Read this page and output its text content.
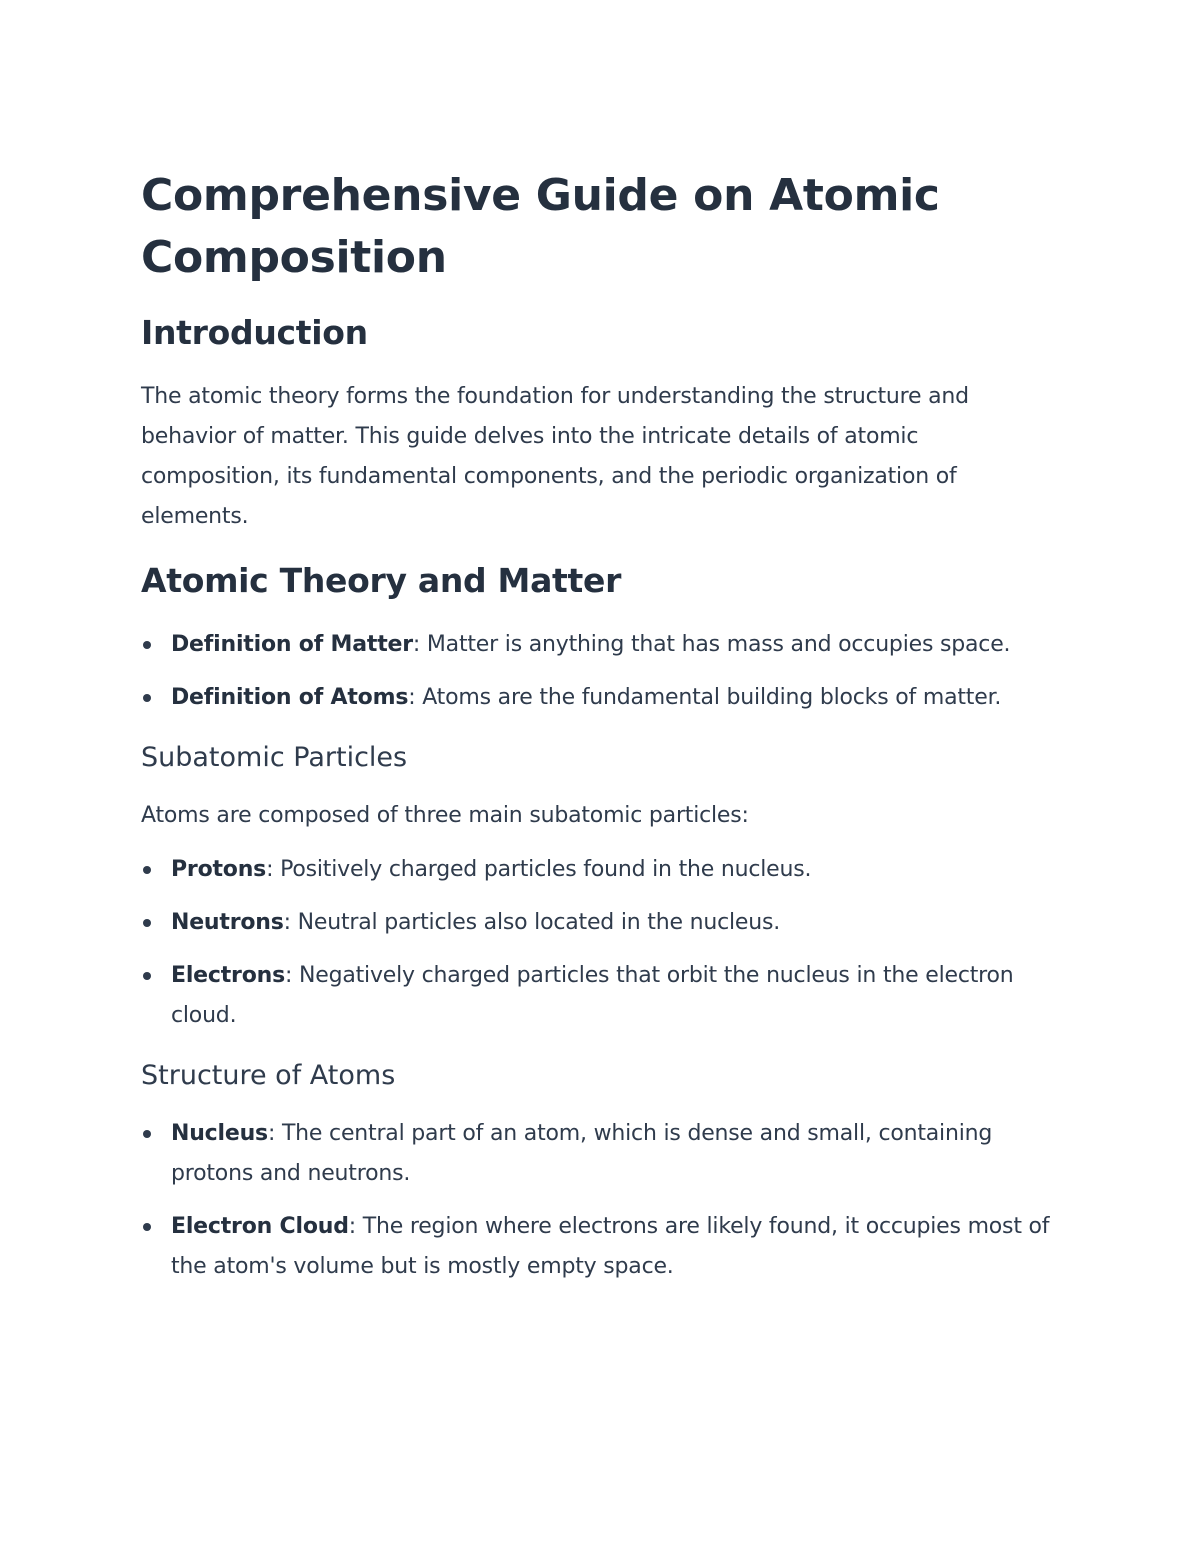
Comprehensive Guide on Atomic Composition
Introduction

The atomic theory forms the foundation for understanding the structure and behavior of matter. This guide delves into the intricate details of atomic composition, its fundamental components, and the periodic organization of elements.

Atomic Theory and Matter
Definition of Matter: Matter is anything that has mass and occupies space.
Definition of Atoms: Atoms are the fundamental building blocks of matter.
Subatomic Particles

Atoms are composed of three main subatomic particles:

Protons: Positively charged particles found in the nucleus.
Neutrons: Neutral particles also located in the nucleus.
Electrons: Negatively charged particles that orbit the nucleus in the electron cloud.
Structure of Atoms
Nucleus: The central part of an atom, which is dense and small, containing protons and neutrons.
Electron Cloud: The region where electrons are likely found, it occupies most of the atom's volume but is mostly empty space.
